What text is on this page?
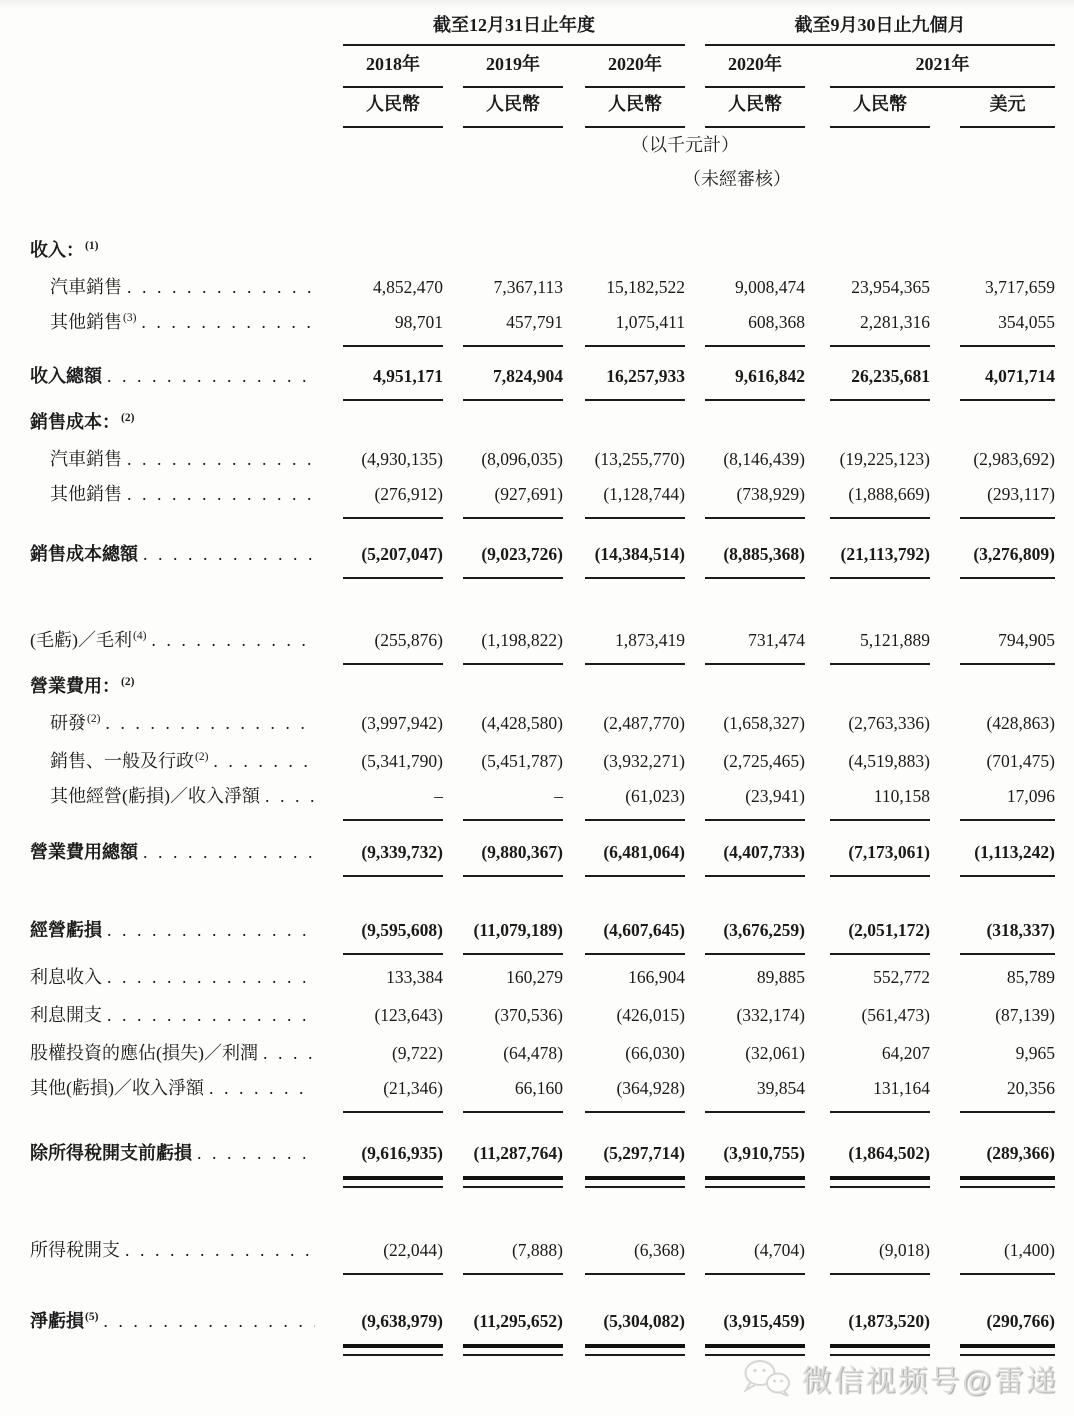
截至12月31日止年度	截至9月30日止九個月
2018年	2019年	2020年	2020年	2021年
人民幣	人民幣	人民幣	人民幣	人民幣	美元
（以千元計）
（未經審核）
收入： (1)
汽車銷售 . . .	4,852,470	7,367,113	15,182,522	9,008,474	23,954,365	3,717,659
其他銷售 (3) . . .	98,701	457,791	1,075,411	608,368	2,281,316	354,055
收入總額 . . .	4,951,171	7,824,904	16,257,933	9,616,842	26,235,681	4,071,714
銷售成本： (2)
汽車銷售 . . .	(4,930,135)	(8,096,035)	(13,255,770)	(8,146,439)	(19,225,123)	(2,983,692)
其他銷售 . . .	(276,912)	(927,691)	(1,128,744)	(738,929)	(1,888,669)	(293,117)
銷售成本總額 . . .	(5,207,047)	(9,023,726)	(14,384,514)	(8,885,368)	(21,113,792)	(3,276,809)
(毛虧)／毛利 (4) . . .	(255,876)	(1,198,822)	1,873,419	731,474	5,121,889	794,905
營業費用： (2)
研發 (2) . . .	(3,997,942)	(4,428,580)	(2,487,770)	(1,658,327)	(2,763,336)	(428,863)
銷售、一般及行政 (2) . . .	(5,341,790)	(5,451,787)	(3,932,271)	(2,725,465)	(4,519,883)	(701,475)
其他經營(虧損)／收入淨額 . . .	–	–	(61,023)	(23,941)	110,158	17,096
營業費用總額 . . .	(9,339,732)	(9,880,367)	(6,481,064)	(4,407,733)	(7,173,061)	(1,113,242)
經營虧損 . . .	(9,595,608)	(11,079,189)	(4,607,645)	(3,676,259)	(2,051,172)	(318,337)
利息收入 . . .	133,384	160,279	166,904	89,885	552,772	85,789
利息開支 . . .	(123,643)	(370,536)	(426,015)	(332,174)	(561,473)	(87,139)
股權投資的應佔(損失)／利潤 . . .	(9,722)	(64,478)	(66,030)	(32,061)	64,207	9,965
其他(虧損)／收入淨額 . . .	(21,346)	66,160	(364,928)	39,854	131,164	20,356
除所得稅開支前虧損 . . .	(9,616,935)	(11,287,764)	(5,297,714)	(3,910,755)	(1,864,502)	(289,366)
所得稅開支 . . .	(22,044)	(7,888)	(6,368)	(4,704)	(9,018)	(1,400)
淨虧損 (5) . . .	(9,638,979)	(11,295,652)	(5,304,082)	(3,915,459)	(1,873,520)	(290,766)
微信视频号@雷递
